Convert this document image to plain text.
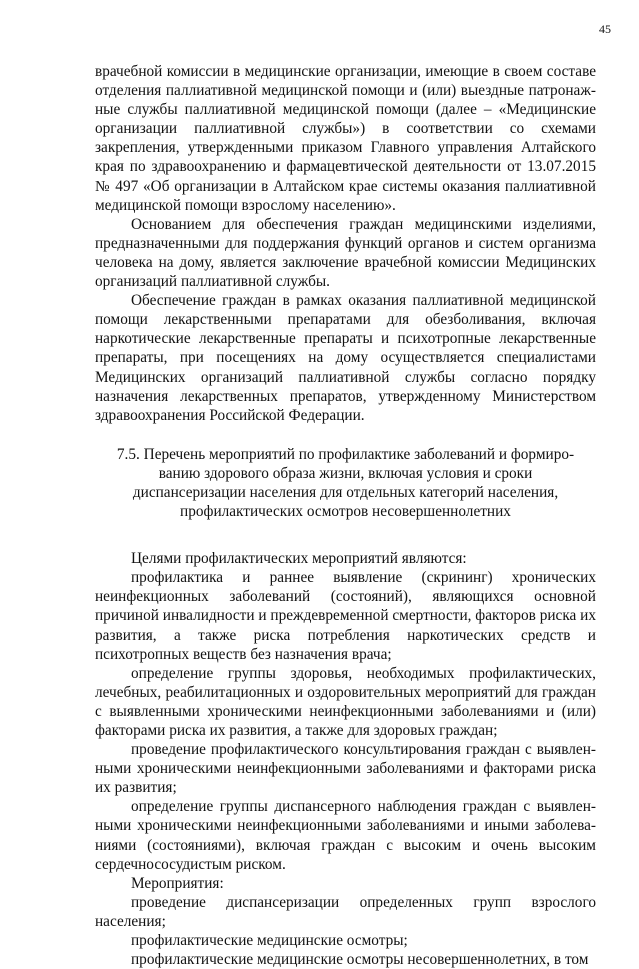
45

врачебной комиссии в медицинские организации, имеющие в своем составе отделения паллиативной медицинской помощи и (или) выездные патронажные службы паллиативной медицинской помощи (далее – «Медицинские организации паллиативной службы») в соответствии со схемами закрепления, утвержденными приказом Главного управления Алтайского края по здравоохранению и фармацевтической деятельности от 13.07.2015 № 497 «Об организации в Алтайском крае системы оказания паллиативной медицинской помощи взрослому населению».

Основанием для обеспечения граждан медицинскими изделиями, предназначенными для поддержания функций органов и систем организма человека на дому, является заключение врачебной комиссии Медицинских организаций паллиативной службы.

Обеспечение граждан в рамках оказания паллиативной медицинской помощи лекарственными препаратами для обезболивания, включая наркотические лекарственные препараты и психотропные лекарственные препараты, при посещениях на дому осуществляется специалистами Медицинских организаций паллиативной службы согласно порядку назначения лекарственных препаратов, утвержденному Министерством здравоохранения Российской Федерации.

7.5. Перечень мероприятий по профилактике заболеваний и формированию здорового образа жизни, включая условия и сроки диспансеризации населения для отдельных категорий населения, профилактических осмотров несовершеннолетних

Целями профилактических мероприятий являются:

профилактика и раннее выявление (скрининг) хронических неинфекционных заболеваний (состояний), являющихся основной причиной инвалидности и преждевременной смертности, факторов риска их развития, а также риска потребления наркотических средств и психотропных веществ без назначения врача;

определение группы здоровья, необходимых профилактических, лечебных, реабилитационных и оздоровительных мероприятий для граждан с выявленными хроническими неинфекционными заболеваниями и (или) факторами риска их развития, а также для здоровых граждан;

проведение профилактического консультирования граждан с выявленными хроническими неинфекционными заболеваниями и факторами риска их развития;

определение группы диспансерного наблюдения граждан с выявленными хроническими неинфекционными заболеваниями и иными заболеваниями (состояниями), включая граждан с высоким и очень высоким сердечнососудистым риском.

Мероприятия:

проведение диспансеризации определенных групп взрослого населения;

профилактические медицинские осмотры;

профилактические медицинские осмотры несовершеннолетних, в том
